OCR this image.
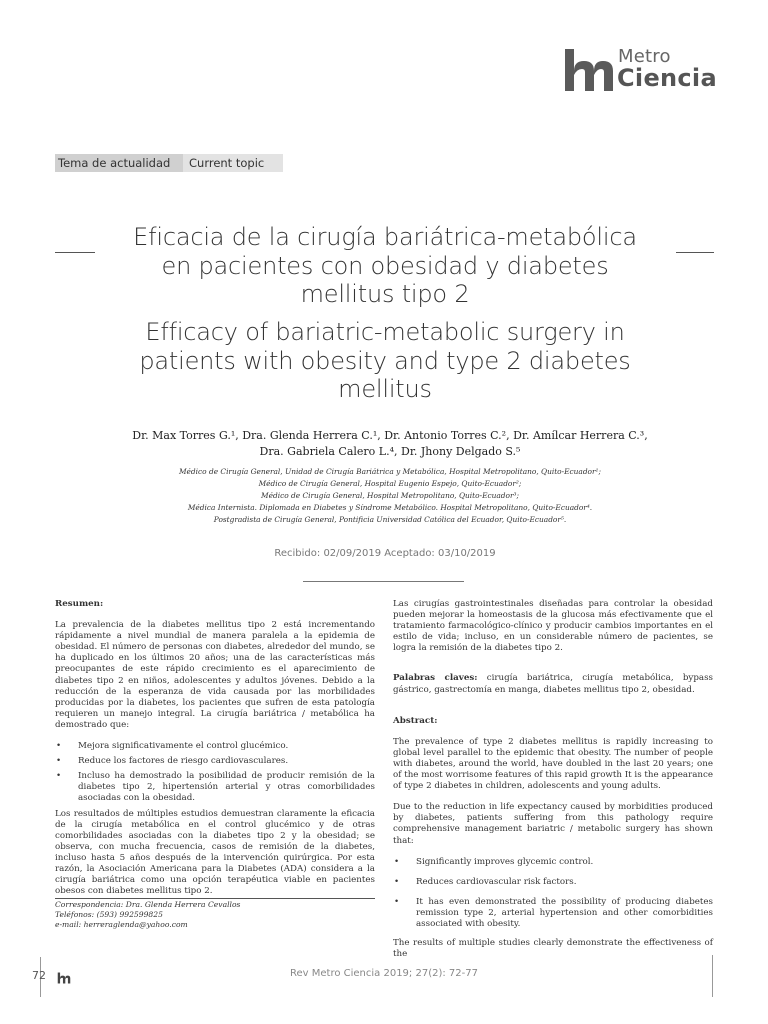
Metro
Ciencia
Tema de actualidad	Current topic
Eficacia de la cirugía bariátrica-metabólica
en pacientes con obesidad y diabetes
mellitus tipo 2
Efficacy of bariatric-metabolic surgery in
patients with obesity and type 2 diabetes
mellitus
Dr. Max Torres G.¹, Dra. Glenda Herrera C.¹, Dr. Antonio Torres C.², Dr. Amílcar Herrera C.³,
Dra. Gabriela Calero L.⁴, Dr. Jhony Delgado S.⁵
Médico de Cirugía General, Unidad de Cirugía Bariátrica y Metabólica, Hospital Metropolitano, Quito-Ecuador¹;
Médico de Cirugía General, Hospital Eugenio Espejo, Quito-Ecuador²;
Médico de Cirugía General, Hospital Metropolitano, Quito-Ecuador³;
Médica Internista. Diplomada en Diabetes y Síndrome Metabólico. Hospital Metropolitano, Quito-Ecuador⁴.
Postgradista de Cirugía General, Pontificia Universidad Católica del Ecuador, Quito-Ecuador⁵.
Recibido: 02/09/2019 Aceptado: 03/10/2019
Resumen:

La prevalencia de la diabetes mellitus tipo 2 está incrementando rápidamente a nivel mundial de manera paralela a la epidemia de obesidad. El número de personas con diabetes, alrededor del mundo, se ha duplicado en los últimos 20 años; una de las características más preocupantes de este rápido crecimiento es el aparecimiento de diabetes tipo 2 en niños, adolescentes y adultos jóvenes. Debido a la reducción de la esperanza de vida causada por las morbilidades producidas por la diabetes, los pacientes que sufren de esta patología requieren un manejo integral. La cirugía bariátrica / metabólica ha demostrado que:

• Mejora significativamente el control glucémico.
• Reduce los factores de riesgo cardiovasculares.
• Incluso ha demostrado la posibilidad de producir remisión de la diabetes tipo 2, hipertensión arterial y otras comorbilidades asociadas con la obesidad.

Los resultados de múltiples estudios demuestran claramente la eficacia de la cirugía metabólica en el control glucémico y de otras comorbilidades asociadas con la diabetes tipo 2 y la obesidad; se observa, con mucha frecuencia, casos de remisión de la diabetes, incluso hasta 5 años después de la intervención quirúrgica. Por esta razón, la Asociación Americana para la Diabetes (ADA) considera a la cirugía bariátrica como una opción terapéutica viable en pacientes obesos con diabetes mellitus tipo 2.

Las cirugías gastrointestinales diseñadas para controlar la obesidad pueden mejorar la homeostasis de la glucosa más efectivamente que el tratamiento farmacológico-clínico y producir cambios importantes en el estilo de vida; incluso, en un considerable número de pacientes, se logra la remisión de la diabetes tipo 2.

Palabras claves: cirugía bariátrica, cirugía metabólica, bypass gástrico, gastrectomía en manga, diabetes mellitus tipo 2, obesidad.

Abstract:

The prevalence of type 2 diabetes mellitus is rapidly increasing to global level parallel to the epidemic that obesity. The number of people with diabetes, around the world, have doubled in the last 20 years; one of the most worrisome features of this rapid growth It is the appearance of type 2 diabetes in children, adolescents and young adults.

Due to the reduction in life expectancy caused by morbidities produced by diabetes, patients suffering from this pathology require comprehensive management bariatric / metabolic surgery has shown that:

• Significantly improves glycemic control.
• Reduces cardiovascular risk factors.
• It has even demonstrated the possibility of producing diabetes remission type 2, arterial hypertension and other comorbidities associated with obesity.

The results of multiple studies clearly demonstrate the effectiveness of the

Correspondencia: Dra. Glenda Herrera Cevallos
Teléfonos: (593) 992599825
e-mail: herreraglenda@yahoo.com
72	Rev Metro Ciencia 2019; 27(2): 72-77
